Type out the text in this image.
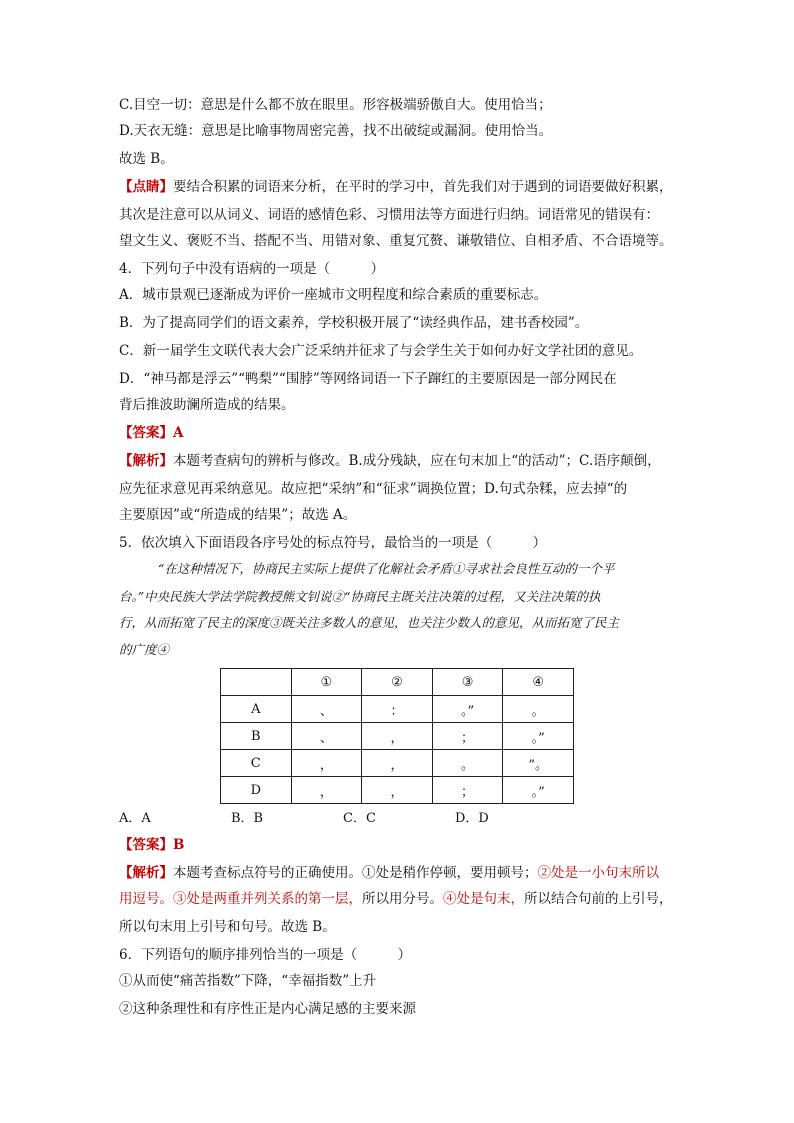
C.目空一切：意思是什么都不放在眼里。形容极端骄傲自大。使用恰当；
D.天衣无缝：意思是比喻事物周密完善，找不出破绽或漏洞。使用恰当。
故选 B。
【点睛】要结合积累的词语来分析，在平时的学习中，首先我们对于遇到的词语要做好积累，
其次是注意可以从词义、词语的感情色彩、习惯用法等方面进行归纳。词语常见的错误有：
望文生义、褒贬不当、搭配不当、用错对象、重复冗赘、谦敬错位、自相矛盾、不合语境等。
4．下列句子中没有语病的一项是（　　　）
A．城市景观已逐渐成为评价一座城市文明程度和综合素质的重要标志。
B．为了提高同学们的语文素养，学校积极开展了“读经典作品，建书香校园”。
C．新一届学生文联代表大会广泛采纳并征求了与会学生关于如何办好文学社团的意见。
D．“神马都是浮云”“鸭梨”“围脖”等网络词语一下子蹿红的主要原因是一部分网民在
背后推波助澜所造成的结果。
【答案】A
【解析】本题考查病句的辨析与修改。B.成分残缺，应在句末加上“的活动”；C.语序颠倒，
应先征求意见再采纳意见。故应把“采纳”和“征求”调换位置；D.句式杂糅，应去掉“的
主要原因”或“所造成的结果”；故选 A。
5．依次填入下面语段各序号处的标点符号，最恰当的一项是（　　　）
“在这种情况下，协商民主实际上提供了化解社会矛盾①寻求社会良性互动的一个平
台。”中央民族大学法学院教授熊文钊说②“协商民主既关注决策的过程，又关注决策的执
行，从而拓宽了民主的深度③既关注多数人的意见，也关注少数人的意见，从而拓宽了民主
的广度④
	①	②	③	④
A	、	：	。”	。
B	、	，	；	。”
C	，	，	。	”。
D	，	，	；	。”
A．A	B．B	C．C	D．D
【答案】B
【解析】本题考查标点符号的正确使用。①处是稍作停顿，要用顿号；②处是一小句末所以
用逗号。③处是两重并列关系的第一层，所以用分号。④处是句末，所以结合句前的上引号，
所以句末用上引号和句号。故选 B。
6．下列语句的顺序排列恰当的一项是（　　　）
①从而使“痛苦指数”下降，“幸福指数”上升
②这种条理性和有序性正是内心满足感的主要来源
